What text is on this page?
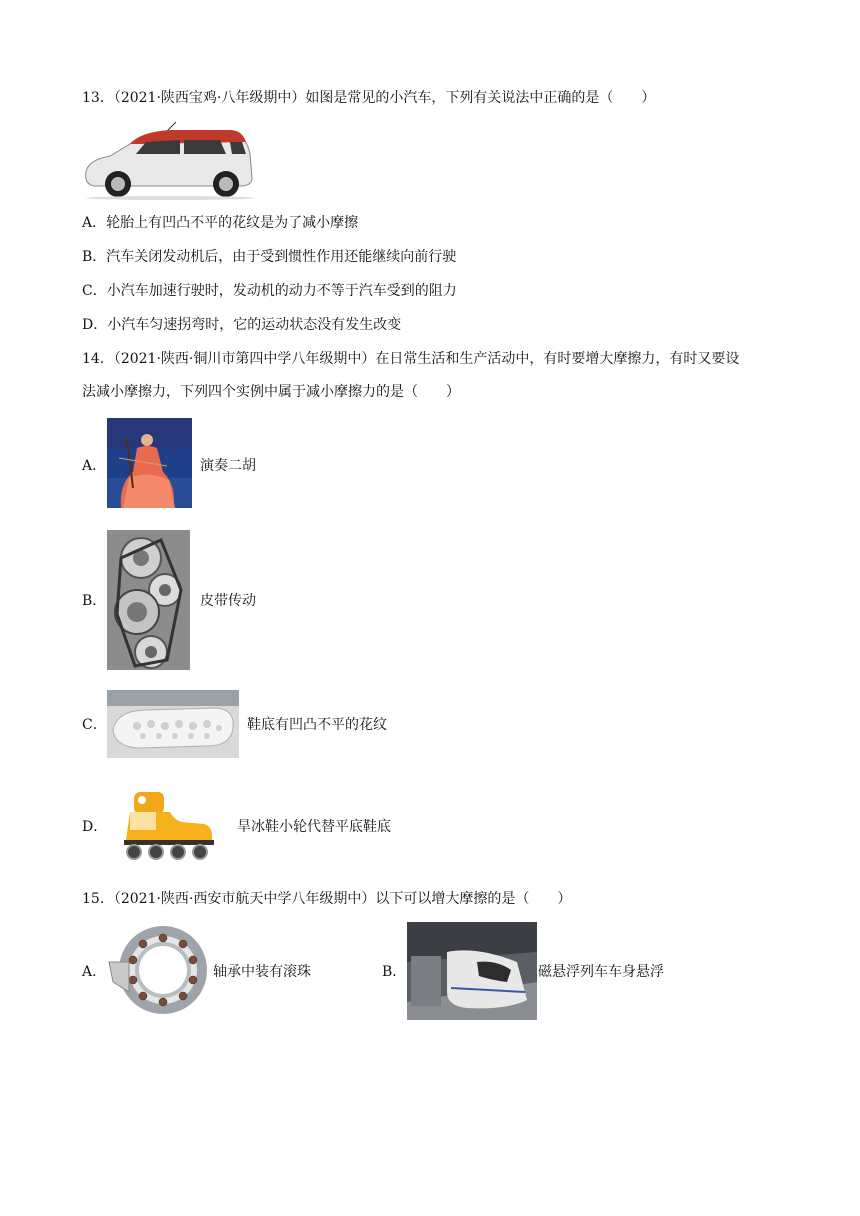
13．（2021·陕西宝鸡·八年级期中）如图是常见的小汽车，下列有关说法中正确的是（　　）
A．轮胎上有凹凸不平的花纹是为了减小摩擦
B．汽车关闭发动机后，由于受到惯性作用还能继续向前行驶
C．小汽车加速行驶时，发动机的动力不等于汽车受到的阻力
D．小汽车匀速拐弯时，它的运动状态没有发生改变
14．（2021·陕西·铜川市第四中学八年级期中）在日常生活和生产活动中，有时要增大摩擦力，有时又要设
法减小摩擦力，下列四个实例中属于减小摩擦力的是（　　）
A．	演奏二胡
B．	皮带传动
C．	鞋底有凹凸不平的花纹
D．	旱冰鞋小轮代替平底鞋底
15．（2021·陕西·西安市航天中学八年级期中）以下可以增大摩擦的是（　　）
A．	轴承中装有滚珠	B．	磁悬浮列车车身悬浮
